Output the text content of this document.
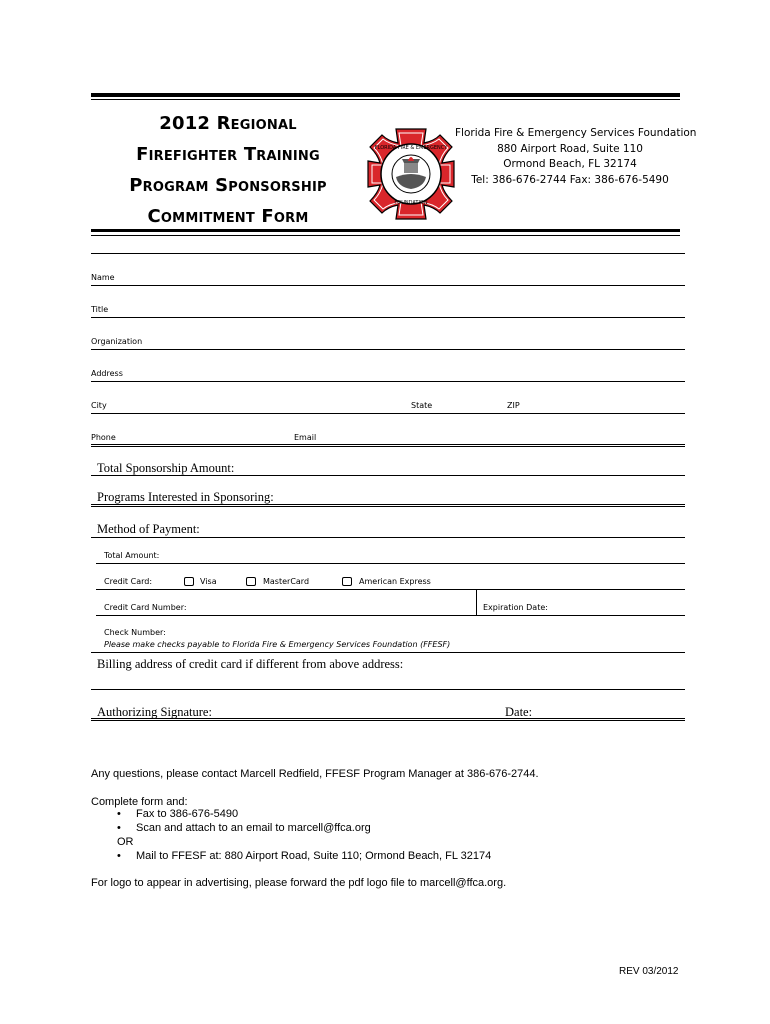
2012 Regional
Firefighter Training
Program Sponsorship
Commitment Form
FLORIDA FIRE & EMERGENCY
FOUNDATION
Florida Fire & Emergency Services Foundation
880 Airport Road, Suite 110
Ormond Beach, FL 32174
Tel: 386-676-2744 Fax: 386-676-5490
Name
Title
Organization
Address
City	State	ZIP
Phone	Email
Total Sponsorship Amount:
Programs Interested in Sponsoring:
Method of Payment:
Total Amount:
Credit Card:	Visa	MasterCard	American Express
Credit Card Number:	Expiration Date:
Check Number:
Please make checks payable to Florida Fire & Emergency Services Foundation (FFESF)
Billing address of credit card if different from above address:
Authorizing Signature:	Date:
Any questions, please contact Marcell Redfield, FFESF Program Manager at 386-676-2744.
Complete form and:
• Fax to 386-676-5490
• Scan and attach to an email to marcell@ffca.org
OR
• Mail to FFESF at: 880 Airport Road, Suite 110; Ormond Beach, FL 32174
For logo to appear in advertising, please forward the pdf logo file to marcell@ffca.org.
REV 03/2012
